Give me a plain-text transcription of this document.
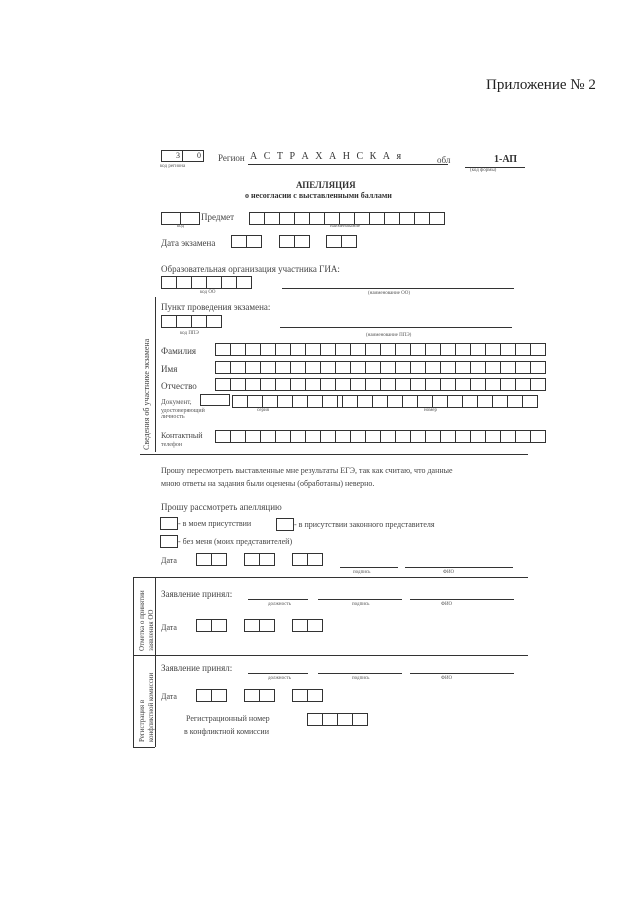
Приложение № 2
3	0
код региона
Регион А С Т Р А Х А Н С К А я	обл	1-АП
(код формы)
АПЕЛЛЯЦИЯ
о несогласии с выставленными баллами
Предмет
код	наименование
Дата экзамена
Образовательная организация участника ГИА:
код ОО	(наименование ОО)
Сведения об участнике экзамена
Пункт проведения экзамена:
код ППЭ	(наименование ППЭ)
Фамилия
Имя
Отчество
Документ,
удостоверяющий личность
серия	номер
Контактный
телефон
Прошу пересмотреть выставленные мне результаты ЕГЭ, так как считаю, что данные
мною ответы на задания были оценены (обработаны) неверно.
Прошу рассмотреть апелляцию
- в моем присутствии	- в присутствии законного представителя
- без меня (моих представителей)
Дата
подпись	ФИО
Отметка о принятии заявления ОО
Заявление принял:
должность	подпись	ФИО
Дата
Регистрация в конфликтной комиссии
Заявление принял:
должность	подпись	ФИО
Дата
Регистрационный номер
в конфликтной комиссии
